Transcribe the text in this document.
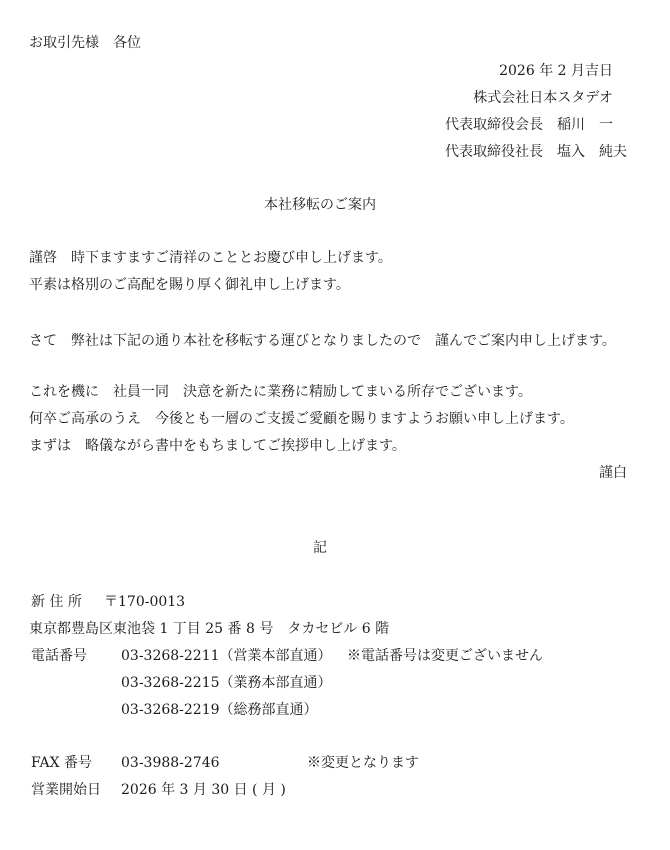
お取引先様　各位
2026 年 2 月吉日
株式会社日本スタデオ
代表取締役会長　稲川　一
代表取締役社長　塩入　純夫
本社移転のご案内
謹啓　時下ますますご清祥のこととお慶び申し上げます。
平素は格別のご高配を賜り厚く御礼申し上げます。
さて　弊社は下記の通り本社を移転する運びとなりましたので　謹んでご案内申し上げます。
これを機に　社員一同　決意を新たに業務に精励してまいる所存でございます。
何卒ご高承のうえ　今後とも一層のご支援ご愛顧を賜りますようお願い申し上げます。
まずは　略儀ながら書中をもちましてご挨拶申し上げます。
謹白
記
新 住 所 〒170-0013
東京都豊島区東池袋 1 丁目 25 番 8 号　タカセビル 6 階
電話番号 03-3268-2211（営業本部直通） ※電話番号は変更ございません
03-3268-2215（業務本部直通）
03-3268-2219（総務部直通）
FAX 番号 03-3988-2746	※変更となります
営業開始日 2026 年 3 月 30 日 ( 月 )
